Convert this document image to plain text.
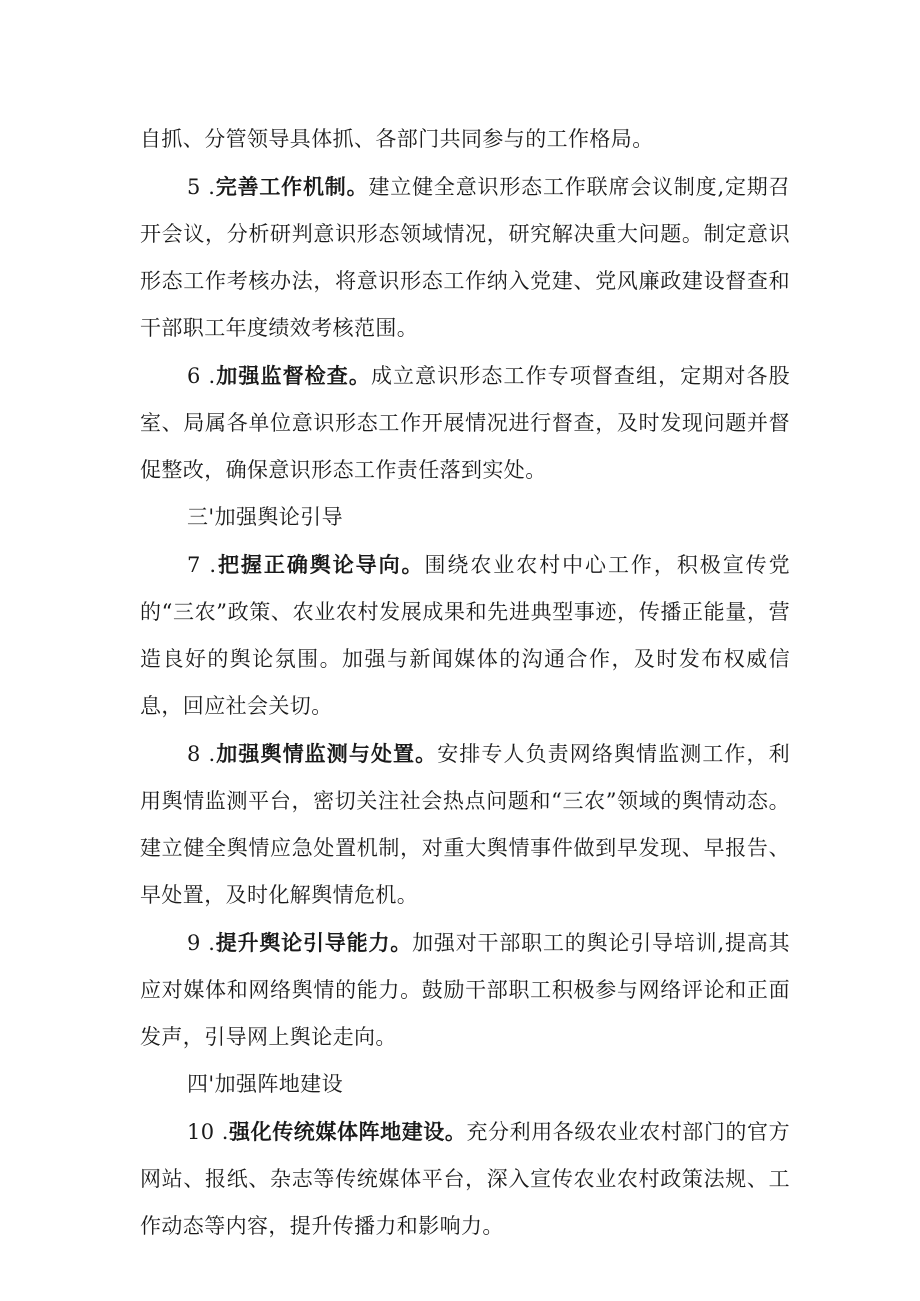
自抓、分管领导具体抓、各部门共同参与的工作格局。

5 .完善工作机制。建立健全意识形态工作联席会议制度,定期召开会议，分析研判意识形态领域情况，研究解决重大问题。制定意识形态工作考核办法，将意识形态工作纳入党建、党风廉政建设督查和干部职工年度绩效考核范围。

6 .加强监督检查。成立意识形态工作专项督查组，定期对各股室、局属各单位意识形态工作开展情况进行督查，及时发现问题并督促整改，确保意识形态工作责任落到实处。

三'加强舆论引导

7 .把握正确舆论导向。围绕农业农村中心工作，积极宣传党的“三农”政策、农业农村发展成果和先进典型事迹，传播正能量，营造良好的舆论氛围。加强与新闻媒体的沟通合作，及时发布权威信息，回应社会关切。

8 .加强舆情监测与处置。安排专人负责网络舆情监测工作，利用舆情监测平台，密切关注社会热点问题和“三农”领域的舆情动态。建立健全舆情应急处置机制，对重大舆情事件做到早发现、早报告、早处置，及时化解舆情危机。

9 .提升舆论引导能力。加强对干部职工的舆论引导培训,提高其应对媒体和网络舆情的能力。鼓励干部职工积极参与网络评论和正面发声，引导网上舆论走向。

四'加强阵地建设

10 .强化传统媒体阵地建设。充分利用各级农业农村部门的官方网站、报纸、杂志等传统媒体平台，深入宣传农业农村政策法规、工作动态等内容，提升传播力和影响力。
